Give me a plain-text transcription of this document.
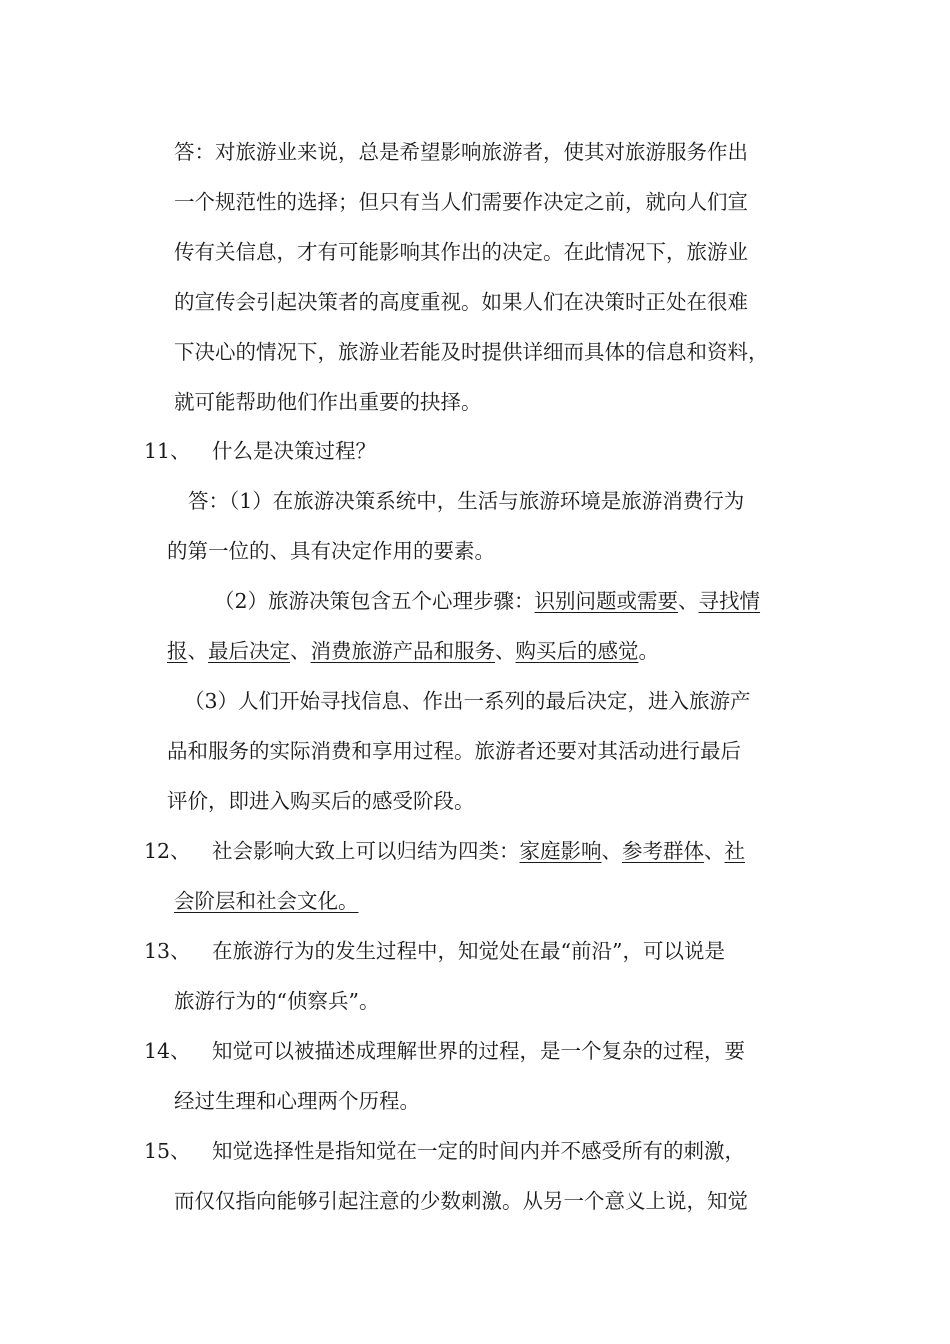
答：对旅游业来说，总是希望影响旅游者，使其对旅游服务作出
一个规范性的选择；但只有当人们需要作决定之前，就向人们宣
传有关信息，才有可能影响其作出的决定。在此情况下，旅游业
的宣传会引起决策者的高度重视。如果人们在决策时正处在很难
下决心的情况下，旅游业若能及时提供详细而具体的信息和资料，
就可能帮助他们作出重要的抉择。
11、 什么是决策过程？
答：（1）在旅游决策系统中，生活与旅游环境是旅游消费行为
的第一位的、具有决定作用的要素。
（2）旅游决策包含五个心理步骤：识别问题或需要、寻找情
报、最后决定、消费旅游产品和服务、购买后的感觉。
（3）人们开始寻找信息、作出一系列的最后决定，进入旅游产
品和服务的实际消费和享用过程。旅游者还要对其活动进行最后
评价，即进入购买后的感受阶段。
12、 社会影响大致上可以归结为四类：家庭影响、参考群体、社
会阶层和社会文化。
13、 在旅游行为的发生过程中，知觉处在最“前沿”，可以说是
旅游行为的“侦察兵”。
14、 知觉可以被描述成理解世界的过程，是一个复杂的过程，要
经过生理和心理两个历程。
15、 知觉选择性是指知觉在一定的时间内并不感受所有的刺激，
而仅仅指向能够引起注意的少数刺激。从另一个意义上说，知觉
